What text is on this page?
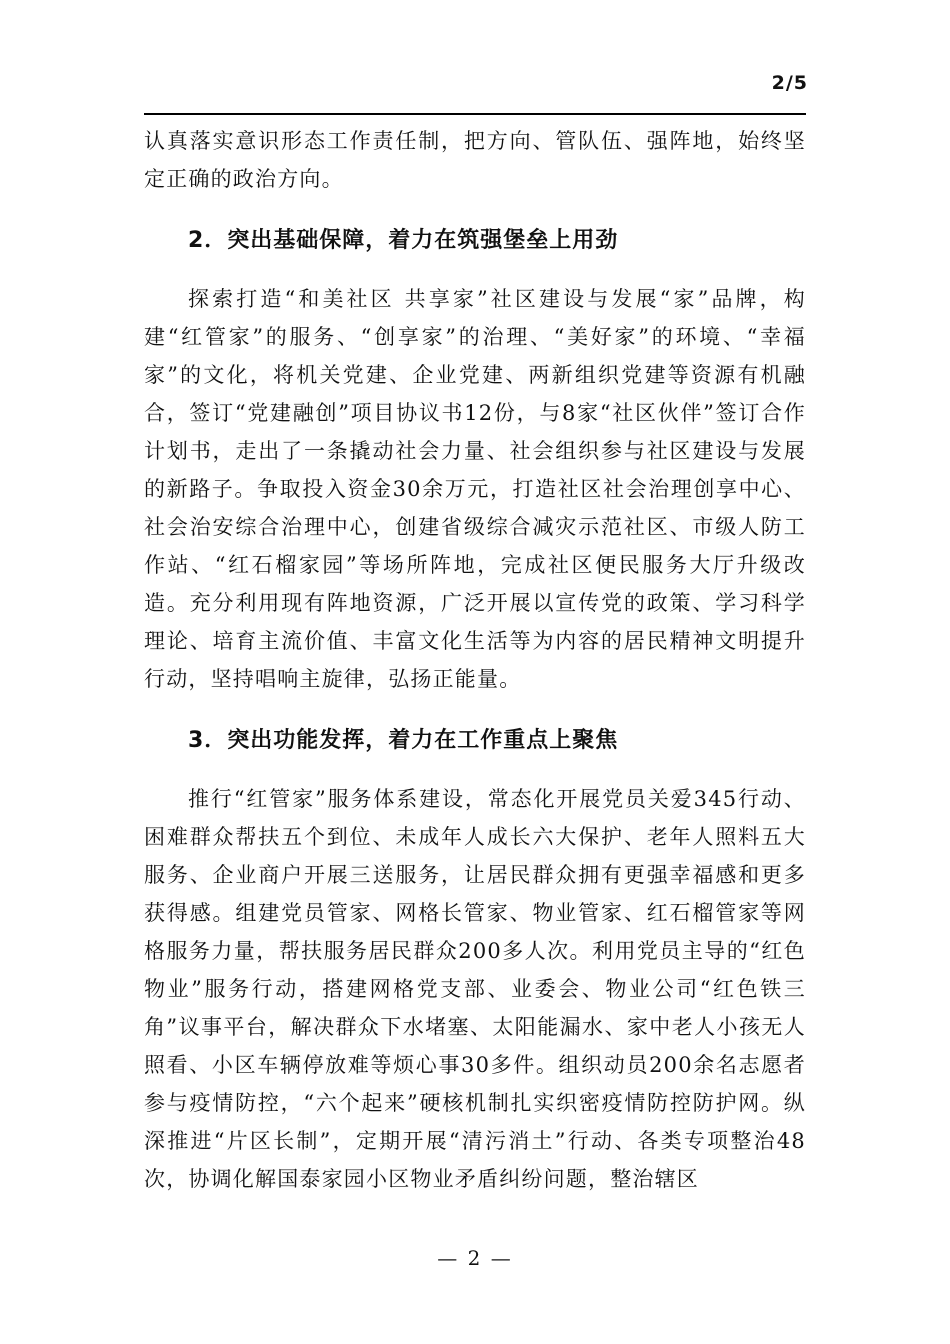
2/5

认真落实意识形态工作责任制，把方向、管队伍、强阵地，始终坚定正确的政治方向。

2．突出基础保障，着力在筑强堡垒上用劲

探索打造“和美社区 共享家”社区建设与发展“家”品牌，构建“红管家”的服务、“创享家”的治理、“美好家”的环境、“幸福家”的文化，将机关党建、企业党建、两新组织党建等资源有机融合，签订“党建融创”项目协议书12份，与8家“社区伙伴”签订合作计划书，走出了一条撬动社会力量、社会组织参与社区建设与发展的新路子。争取投入资金30余万元，打造社区社会治理创享中心、社会治安综合治理中心，创建省级综合减灾示范社区、市级人防工作站、“红石榴家园”等场所阵地，完成社区便民服务大厅升级改造。充分利用现有阵地资源，广泛开展以宣传党的政策、学习科学理论、培育主流价值、丰富文化生活等为内容的居民精神文明提升行动，坚持唱响主旋律，弘扬正能量。

3．突出功能发挥，着力在工作重点上聚焦

推行“红管家”服务体系建设，常态化开展党员关爱345行动、困难群众帮扶五个到位、未成年人成长六大保护、老年人照料五大服务、企业商户开展三送服务，让居民群众拥有更强幸福感和更多获得感。组建党员管家、网格长管家、物业管家、红石榴管家等网格服务力量，帮扶服务居民群众200多人次。利用党员主导的“红色物业”服务行动，搭建网格党支部、业委会、物业公司“红色铁三角”议事平台，解决群众下水堵塞、太阳能漏水、家中老人小孩无人照看、小区车辆停放难等烦心事30多件。组织动员200余名志愿者参与疫情防控，“六个起来”硬核机制扎实织密疫情防控防护网。纵深推进“片区长制”，定期开展“清污消土”行动、各类专项整治48次，协调化解国泰家园小区物业矛盾纠纷问题，整治辖区

— 2 —
